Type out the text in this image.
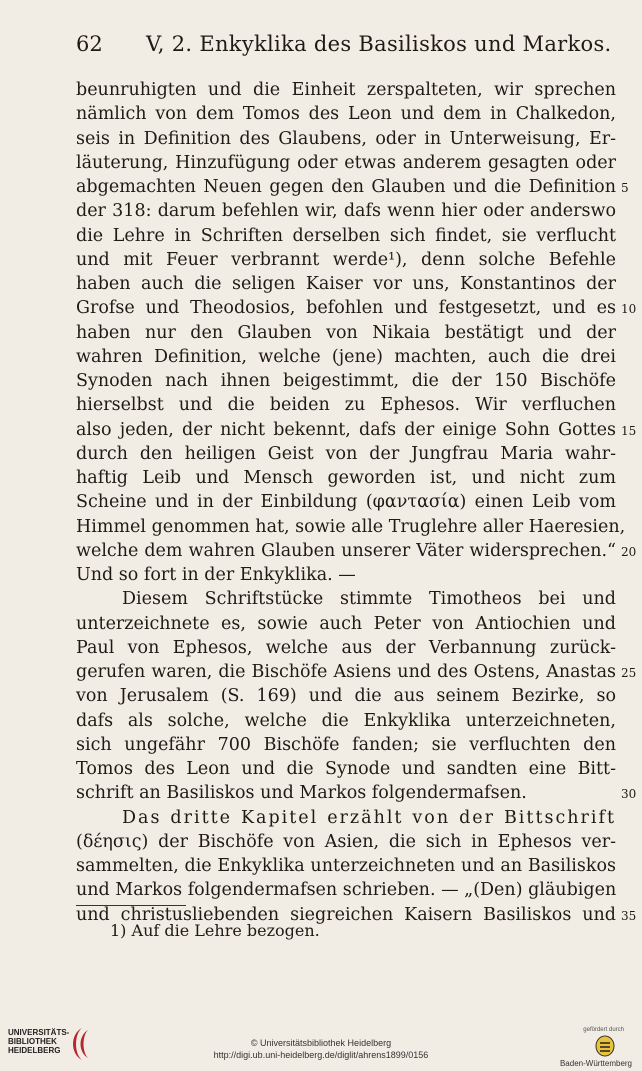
62 V, 2. Enkyklika des Basiliskos und Markos.
beunruhigten und die Einheit zerspalteten, wir sprechen
nämlich von dem Tomos des Leon und dem in Chalkedon,
seis in Definition des Glaubens, oder in Unterweisung, Er-
läuterung, Hinzufügung oder etwas anderem gesagten oder
abgemachten Neuen gegen den Glauben und die Definition 5
der 318: darum befehlen wir, dafs wenn hier oder anderswo
die Lehre in Schriften derselben sich findet, sie verflucht
und mit Feuer verbrannt werde¹), denn solche Befehle
haben auch die seligen Kaiser vor uns, Konstantinos der
Grofse und Theodosios, befohlen und festgesetzt, und es 10
haben nur den Glauben von Nikaia bestätigt und der
wahren Definition, welche (jene) machten, auch die drei
Synoden nach ihnen beigestimmt, die der 150 Bischöfe
hierselbst und die beiden zu Ephesos. Wir verfluchen
also jeden, der nicht bekennt, dafs der einige Sohn Gottes 15
durch den heiligen Geist von der Jungfrau Maria wahr-
haftig Leib und Mensch geworden ist, und nicht zum
Scheine und in der Einbildung (φαντασία) einen Leib vom
Himmel genommen hat, sowie alle Truglehre aller Haeresien,
welche dem wahren Glauben unserer Väter widersprechen.“ 20
Und so fort in der Enkyklika. —
Diesem Schriftstücke stimmte Timotheos bei und
unterzeichnete es, sowie auch Peter von Antiochien und
Paul von Ephesos, welche aus der Verbannung zurück-
gerufen waren, die Bischöfe Asiens und des Ostens, Anastas 25
von Jerusalem (S. 169) und die aus seinem Bezirke, so
dafs als solche, welche die Enkyklika unterzeichneten,
sich ungefähr 700 Bischöfe fanden; sie verfluchten den
Tomos des Leon und die Synode und sandten eine Bitt-
schrift an Basiliskos und Markos folgendermafsen.	30
Das dritte Kapitel erzählt von der Bittschrift
(δέησις) der Bischöfe von Asien, die sich in Ephesos ver-
sammelten, die Enkyklika unterzeichneten und an Basiliskos
und Markos folgendermafsen schrieben. — „(Den) gläubigen
und christusliebenden siegreichen Kaisern Basiliskos und 35
1) Auf die Lehre bezogen.
UNIVERSITÄTS-
BIBLIOTHEK
HEIDELBERG
© Universitätsbibliothek Heidelberg
http://digi.ub.uni-heidelberg.de/diglit/ahrens1899/0156
gefördert durch
Baden-Württemberg
